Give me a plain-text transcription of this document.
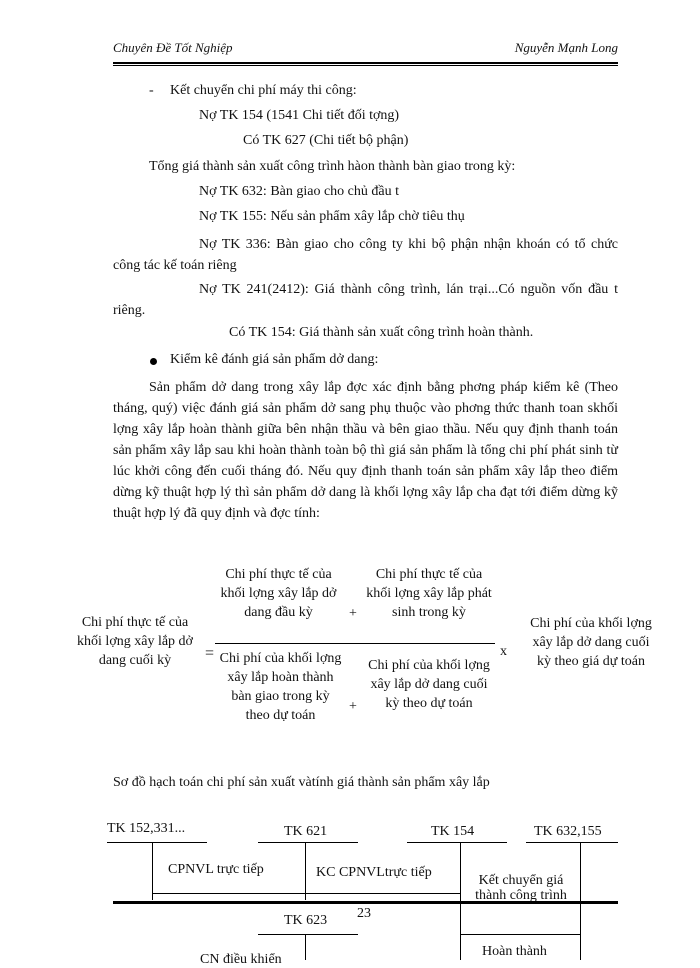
Chuyên Đề Tốt Nghiệp	Nguyễn Mạnh Long
- Kết chuyển chi phí máy thi công:
Nợ TK 154 (1541 Chi tiết đối tợng)
Có TK 627 (Chi tiết bộ phận)
Tổng giá thành sản xuất công trình hàon thành bàn giao trong kỳ:
Nợ TK 632: Bàn giao cho chủ đầu t
Nợ TK 155: Nếu sản phẩm xây lắp chờ tiêu thụ
Nợ TK 336: Bàn giao cho công ty khi bộ phận nhận khoán có tổ chức công tác kế toán riêng
Nợ TK 241(2412): Giá thành công trình, lán trại...Có nguồn vốn đầu t riêng.
Có TK 154: Giá thành sản xuất công trình hoàn thành.
Kiểm kê đánh giá sản phẩm dở dang:
Sản phẩm dở dang trong xây lắp đợc xác định bằng phơng pháp kiểm kê (Theo tháng, quý) việc đánh giá sản phẩm dở sang phụ thuộc vào phơng thức thanh toan skhối lợng xây lắp hoàn thành giữa bên nhận thầu và bên giao thầu. Nếu quy định thanh toán sản phẩm xây lắp sau khi hoàn thành toàn bộ thì giá sản phẩm là tổng chi phí phát sinh từ lúc khởi công đến cuối tháng đó. Nếu quy định thanh toán sản phẩm xây lắp theo điểm dừng kỹ thuật hợp lý thì sản phẩm dở dang là khối lợng xây lắp cha đạt tới điểm dừng kỹ thuật hợp lý đã quy định và đợc tính:
Chi phí thực tế của khối lợng xây lắp dở dang cuối kỳ	=
Chi phí thực tế của khối lợng xây lắp dở dang đầu kỳ	+
Chi phí thực tế của khối lợng xây lắp phát sinh trong kỳ
Chi phí của khối lợng xây lắp hoàn thành bàn giao trong kỳ theo dự toán
+
Chi phí của khối lợng xây lắp dở dang cuối kỳ theo dự toán
x
Chi phí của khối lợng xây lắp dở dang cuối kỳ theo giá dự toán
Sơ đồ hạch toán chi phí sản xuất vàtính giá thành sản phẩm xây lắp
TK 152,331...	TK 621	TK 154	TK 632,155
CPNVL trực tiếp	KC CPNVLtrực tiếp
Kết chuyển giá thành công trình
23
TK 623
Hoàn thành
CN điều khiển
